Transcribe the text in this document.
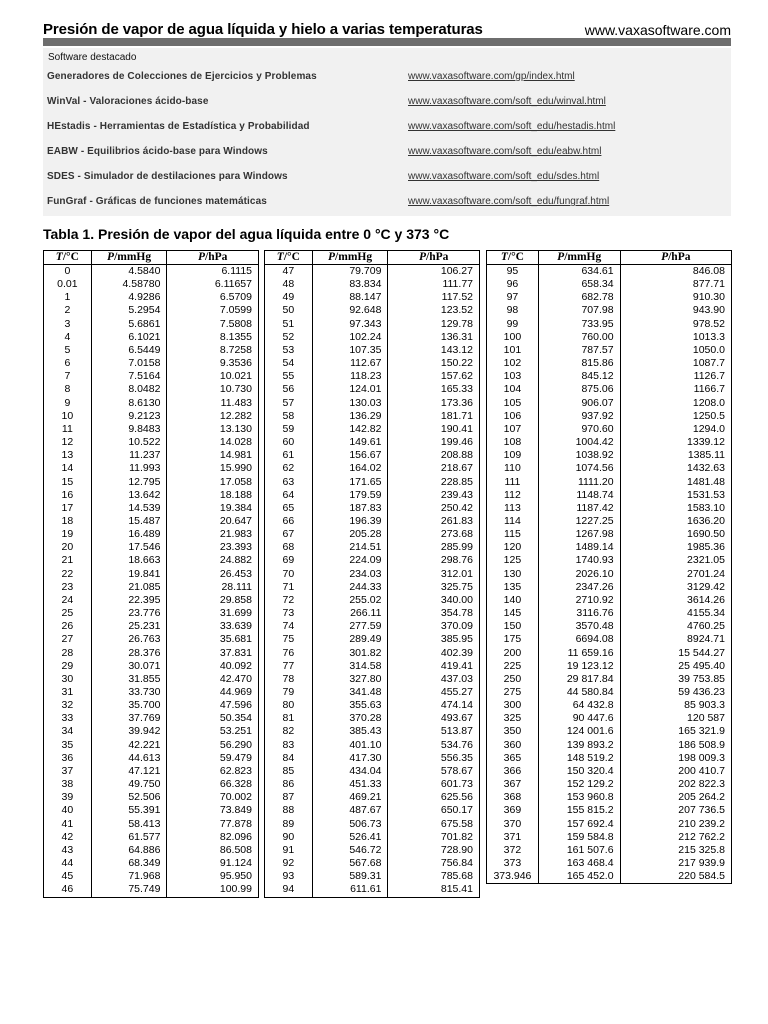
Presión de vapor de agua líquida y hielo a varias temperaturas	www.vaxasoftware.com
Software destacado
Generadores de Colecciones de Ejercicios y Problemas	www.vaxasoftware.com/gp/index.html
WinVal - Valoraciones ácido-base	www.vaxasoftware.com/soft_edu/winval.html
HEstadis - Herramientas de Estadística y Probabilidad	www.vaxasoftware.com/soft_edu/hestadis.html
EABW - Equilibrios ácido-base para Windows	www.vaxasoftware.com/soft_edu/eabw.html
SDES - Simulador de destilaciones para Windows	www.vaxasoftware.com/soft_edu/sdes.html
FunGraf - Gráficas de funciones matemáticas	www.vaxasoftware.com/soft_edu/fungraf.html
Tabla 1. Presión de vapor del agua líquida entre 0 °C y 373 °C
T/°C	P/mmHg	P/hPa
0	4.5840	6.1115
0.01	4.58780	6.11657
1	4.9286	6.5709
2	5.2954	7.0599
3	5.6861	7.5808
4	6.1021	8.1355
5	6.5449	8.7258
6	7.0158	9.3536
7	7.5164	10.021
8	8.0482	10.730
9	8.6130	11.483
10	9.2123	12.282
11	9.8483	13.130
12	10.522	14.028
13	11.237	14.981
14	11.993	15.990
15	12.795	17.058
16	13.642	18.188
17	14.539	19.384
18	15.487	20.647
19	16.489	21.983
20	17.546	23.393
21	18.663	24.882
22	19.841	26.453
23	21.085	28.111
24	22.395	29.858
25	23.776	31.699
26	25.231	33.639
27	26.763	35.681
28	28.376	37.831
29	30.071	40.092
30	31.855	42.470
31	33.730	44.969
32	35.700	47.596
33	37.769	50.354
34	39.942	53.251
35	42.221	56.290
36	44.613	59.479
37	47.121	62.823
38	49.750	66.328
39	52.506	70.002
40	55.391	73.849
41	58.413	77.878
42	61.577	82.096
43	64.886	86.508
44	68.349	91.124
45	71.968	95.950
46	75.749	100.99
T/°C	P/mmHg	P/hPa
47	79.709	106.27
48	83.834	111.77
49	88.147	117.52
50	92.648	123.52
51	97.343	129.78
52	102.24	136.31
53	107.35	143.12
54	112.67	150.22
55	118.23	157.62
56	124.01	165.33
57	130.03	173.36
58	136.29	181.71
59	142.82	190.41
60	149.61	199.46
61	156.67	208.88
62	164.02	218.67
63	171.65	228.85
64	179.59	239.43
65	187.83	250.42
66	196.39	261.83
67	205.28	273.68
68	214.51	285.99
69	224.09	298.76
70	234.03	312.01
71	244.33	325.75
72	255.02	340.00
73	266.11	354.78
74	277.59	370.09
75	289.49	385.95
76	301.82	402.39
77	314.58	419.41
78	327.80	437.03
79	341.48	455.27
80	355.63	474.14
81	370.28	493.67
82	385.43	513.87
83	401.10	534.76
84	417.30	556.35
85	434.04	578.67
86	451.33	601.73
87	469.21	625.56
88	487.67	650.17
89	506.73	675.58
90	526.41	701.82
91	546.72	728.90
92	567.68	756.84
93	589.31	785.68
94	611.61	815.41
T/°C	P/mmHg	P/hPa
95	634.61	846.08
96	658.34	877.71
97	682.78	910.30
98	707.98	943.90
99	733.95	978.52
100	760.00	1013.3
101	787.57	1050.0
102	815.86	1087.7
103	845.12	1126.7
104	875.06	1166.7
105	906.07	1208.0
106	937.92	1250.5
107	970.60	1294.0
108	1004.42	1339.12
109	1038.92	1385.11
110	1074.56	1432.63
111	1111.20	1481.48
112	1148.74	1531.53
113	1187.42	1583.10
114	1227.25	1636.20
115	1267.98	1690.50
120	1489.14	1985.36
125	1740.93	2321.05
130	2026.10	2701.24
135	2347.26	3129.42
140	2710.92	3614.26
145	3116.76	4155.34
150	3570.48	4760.25
175	6694.08	8924.71
200	11 659.16	15 544.27
225	19 123.12	25 495.40
250	29 817.84	39 753.85
275	44 580.84	59 436.23
300	64 432.8	85 903.3
325	90 447.6	120 587
350	124 001.6	165 321.9
360	139 893.2	186 508.9
365	148 519.2	198 009.3
366	150 320.4	200 410.7
367	152 129.2	202 822.3
368	153 960.8	205 264.2
369	155 815.2	207 736.5
370	157 692.4	210 239.2
371	159 584.8	212 762.2
372	161 507.6	215 325.8
373	163 468.4	217 939.9
373.946	165 452.0	220 584.5
